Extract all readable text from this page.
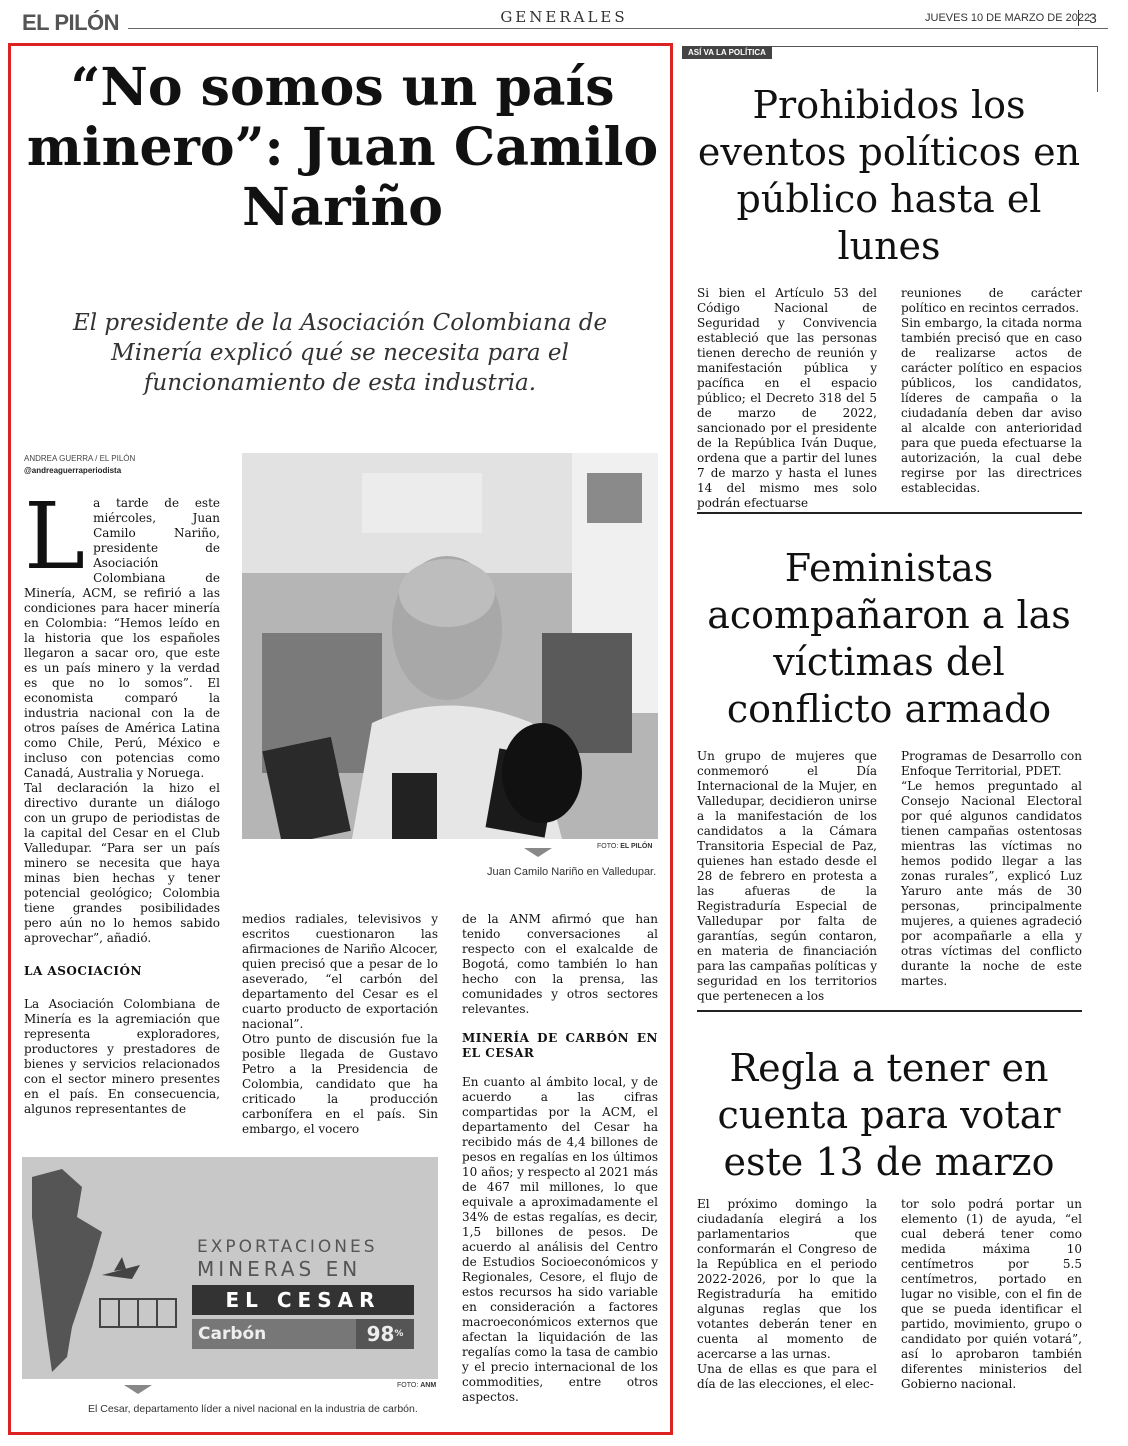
EL PILÓN	GENERALES	JUEVES 10 DE MARZO DE 2022
3
“No somos un país minero”: Juan Camilo Nariño
El presidente de la Asociación Colombiana de Minería explicó qué se necesita para el funcionamiento de esta industria.
ANDREA GUERRA / EL PILÓN
@andreaguerraperiodista
FOTO: EL PILÓN
Juan Camilo Nariño en Valledupar.
L a tarde de este miércoles, Juan Camilo Nariño, presidente de Asociación Colombiana de Minería, ACM, se refirió a las condiciones para hacer minería en Colombia: “Hemos leído en la historia que los españoles llegaron a sacar oro, que este es un país minero y la verdad es que no lo somos”. El economista comparó la industria nacional con la de otros países de América Latina como Chile, Perú, México e incluso con potencias como Canadá, Australia y Noruega.
Tal declaración la hizo el directivo durante un diálogo con un grupo de periodistas de la capital del Cesar en el Club Valledupar. “Para ser un país minero se necesita que haya minas bien hechas y tener potencial geológico; Colombia tiene grandes posibilidades pero aún no lo hemos sabido aprovechar”, añadió.
LA ASOCIACIÓN
La Asociación Colombiana de Minería es la agremiación que representa exploradores, productores y prestadores de bienes y servicios relacionados con el sector minero presentes en el país. En consecuencia, algunos representantes de
medios radiales, televisivos y escritos cuestionaron las afirmaciones de Nariño Alcocer, quien precisó que a pesar de lo aseverado, “el carbón del departamento del Cesar es el cuarto producto de exportación nacional”.
Otro punto de discusión fue la posible llegada de Gustavo Petro a la Presidencia de Colombia, candidato que ha criticado la producción carbonífera en el país. Sin embargo, el vocero
de la ANM afirmó que han tenido conversaciones al respecto con el exalcalde de Bogotá, como también lo han hecho con la prensa, las comunidades y otros sectores relevantes.
MINERÍA DE CARBÓN EN EL CESAR
En cuanto al ámbito local, y de acuerdo a las cifras compartidas por la ACM, el departamento del Cesar ha recibido más de 4,4 billones de pesos en regalías en los últimos 10 años; y respecto al 2021 más de 467 mil millones, lo que equivale a aproximadamente el 34% de estas regalías, es decir, 1,5 billones de pesos. De acuerdo al análisis del Centro de Estudios Socioeconómicos y Regionales, Cesore, el flujo de estos recursos ha sido variable en consideración a factores macroeconómicos externos que afectan la liquidación de las regalías como la tasa de cambio y el precio internacional de los commodities, entre otros aspectos.
EXPORTACIONES
MINERAS EN
EL CESAR
Carbón	98%
FOTO: ANM
El Cesar, departamento líder a nivel nacional en la industria de carbón.
ASÍ VA LA POLÍTICA
Prohibidos los eventos políticos en público hasta el lunes
Si bien el Artículo 53 del Código Nacional de Seguridad y Convivencia estableció que las personas tienen derecho de reunión y manifestación pública y pacífica en el espacio público; el Decreto 318 del 5 de marzo de 2022, sancionado por el presidente de la República Iván Duque, ordena que a partir del lunes 7 de marzo y hasta el lunes 14 del mismo mes solo podrán efectuarse
reuniones de carácter político en recintos cerrados.
Sin embargo, la citada norma también precisó que en caso de realizarse actos de carácter político en espacios públicos, los candidatos, líderes de campaña o la ciudadanía deben dar aviso al alcalde con anterioridad para que pueda efectuarse la autorización, la cual debe regirse por las directrices establecidas.
Feministas acompañaron a las víctimas del conflicto armado
Un grupo de mujeres que conmemoró el Día Internacional de la Mujer, en Valledupar, decidieron unirse a la manifestación de los candidatos a la Cámara Transitoria Especial de Paz, quienes han estado desde el 28 de febrero en protesta a las afueras de la Registraduría Especial de Valledupar por falta de garantías, según contaron, en materia de financiación para las campañas políticas y seguridad en los territorios que pertenecen a los
Programas de Desarrollo con Enfoque Territorial, PDET.
“Le hemos preguntado al Consejo Nacional Electoral por qué algunos candidatos tienen campañas ostentosas mientras las víctimas no hemos podido llegar a las zonas rurales”, explicó Luz Yaruro ante más de 30 personas, principalmente mujeres, a quienes agradeció por acompañarle a ella y otras víctimas del conflicto durante la noche de este martes.
Regla a tener en cuenta para votar este 13 de marzo
El próximo domingo la ciudadanía elegirá a los parlamentarios que conformarán el Congreso de la República en el periodo 2022-2026, por lo que la Registraduría ha emitido algunas reglas que los votantes deberán tener en cuenta al momento de acercarse a las urnas.
Una de ellas es que para el día de las elecciones, el elec-
tor solo podrá portar un elemento (1) de ayuda, “el cual deberá tener como medida máxima 10 centímetros por 5.5 centímetros, portado en lugar no visible, con el fin de que se pueda identificar el partido, movimiento, grupo o candidato por quién votará”, así lo aprobaron también diferentes ministerios del Gobierno nacional.
